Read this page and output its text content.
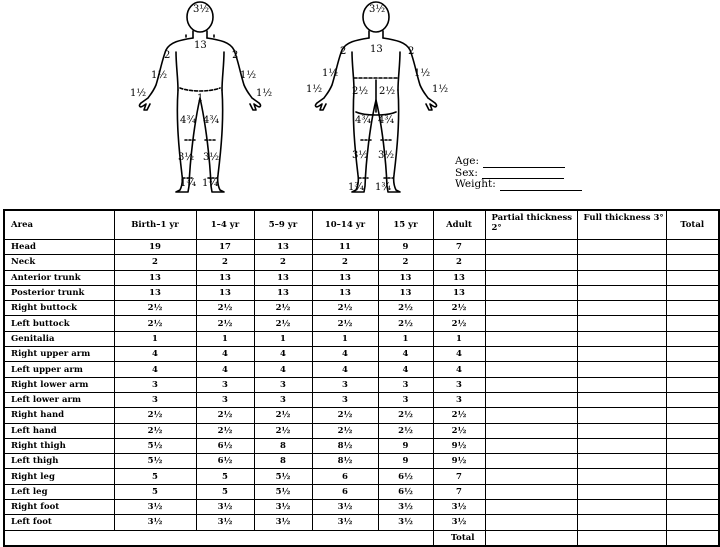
3½
13
2	2
1½	1½
1½	1½
1
4¾ 4¾
3½ 3½
1¾ 1¾
3½
13
2	2
1½	1½
1½	1½
2½ 2½
4¾ 4¾
3½ 3½
1¾ 1¾
Age:
Sex:
Weight:
Area	Birth–1 yr	1–4 yr	5–9 yr	10–14 yr	15 yr	Adult	Partial thickness 2°	Full thickness 3°	Total
Head	19	17	13	11	9	7			
Neck	2	2	2	2	2	2			
Anterior trunk	13	13	13	13	13	13			
Posterior trunk	13	13	13	13	13	13			
Right buttock	2½	2½	2½	2½	2½	2½			
Left buttock	2½	2½	2½	2½	2½	2½			
Genitalia	1	1	1	1	1	1			
Right upper arm	4	4	4	4	4	4			
Left upper arm	4	4	4	4	4	4			
Right lower arm	3	3	3	3	3	3			
Left lower arm	3	3	3	3	3	3			
Right hand	2½	2½	2½	2½	2½	2½			
Left hand	2½	2½	2½	2½	2½	2½			
Right thigh	5½	6½	8	8½	9	9½			
Left thigh	5½	6½	8	8½	9	9½			
Right leg	5	5	5½	6	6½	7			
Left leg	5	5	5½	6	6½	7			
Right foot	3½	3½	3½	3½	3½	3½			
Left foot	3½	3½	3½	3½	3½	3½			
						Total			
